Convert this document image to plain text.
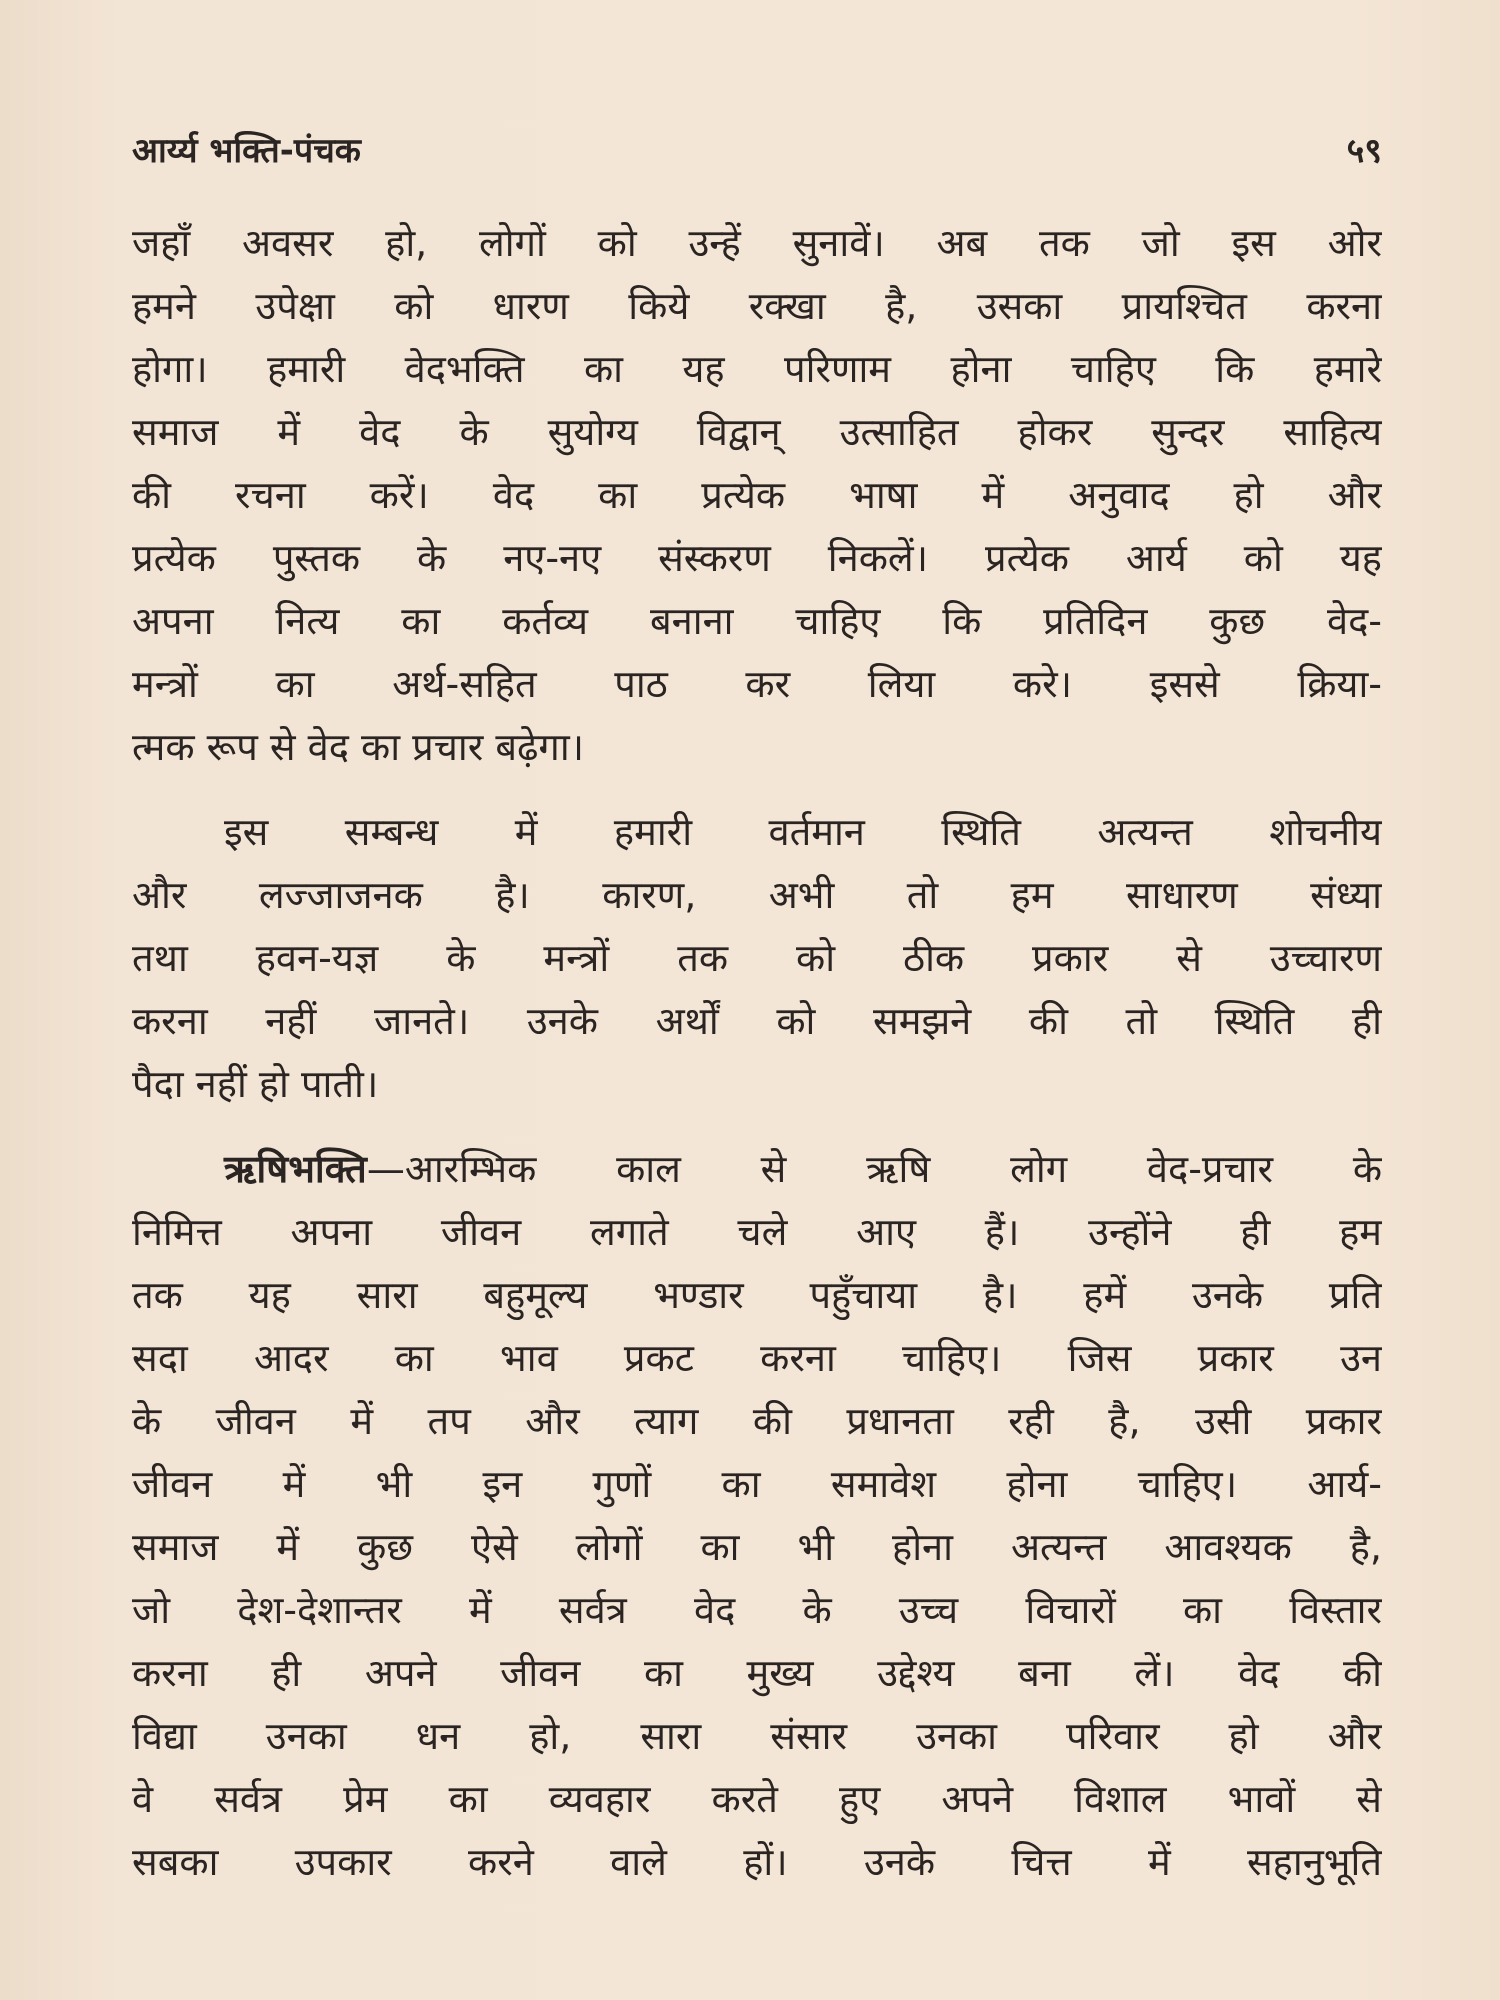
आर्य्य भक्ति-पंचक	५९
जहाँ अवसर हो, लोगों को उन्हें सुनावें। अब तक जो इस ओर
हमने उपेक्षा को धारण किये रक्खा है, उसका प्रायश्चित करना
होगा। हमारी वेदभक्ति का यह परिणाम होना चाहिए कि हमारे
समाज में वेद के सुयोग्य विद्वान् उत्साहित होकर सुन्दर साहित्य
की रचना करें। वेद का प्रत्येक भाषा में अनुवाद हो और
प्रत्येक पुस्तक के नए-नए संस्करण निकलें। प्रत्येक आर्य को यह
अपना नित्य का कर्तव्य बनाना चाहिए कि प्रतिदिन कुछ वेद-
मन्त्रों का अर्थ-सहित पाठ कर लिया करे। इससे क्रिया-
त्मक रूप से वेद का प्रचार बढ़ेगा।
इस सम्बन्ध में हमारी वर्तमान स्थिति अत्यन्त शोचनीय
और लज्जाजनक है। कारण, अभी तो हम साधारण संध्या
तथा हवन-यज्ञ के मन्त्रों तक को ठीक प्रकार से उच्चारण
करना नहीं जानते। उनके अर्थों को समझने की तो स्थिति ही
पैदा नहीं हो पाती।
ऋषिभक्ति—आरम्भिक काल से ऋषि लोग वेद-प्रचार के
निमित्त अपना जीवन लगाते चले आए हैं। उन्होंने ही हम
तक यह सारा बहुमूल्य भण्डार पहुँचाया है। हमें उनके प्रति
सदा आदर का भाव प्रकट करना चाहिए। जिस प्रकार उन
के जीवन में तप और त्याग की प्रधानता रही है, उसी प्रकार
जीवन में भी इन गुणों का समावेश होना चाहिए। आर्य-
समाज में कुछ ऐसे लोगों का भी होना अत्यन्त आवश्यक है,
जो देश-देशान्तर में सर्वत्र वेद के उच्च विचारों का विस्तार
करना ही अपने जीवन का मुख्य उद्देश्य बना लें। वेद की
विद्या उनका धन हो, सारा संसार उनका परिवार हो और
वे सर्वत्र प्रेम का व्यवहार करते हुए अपने विशाल भावों से
सबका उपकार करने वाले हों। उनके चित्त में सहानुभूति
